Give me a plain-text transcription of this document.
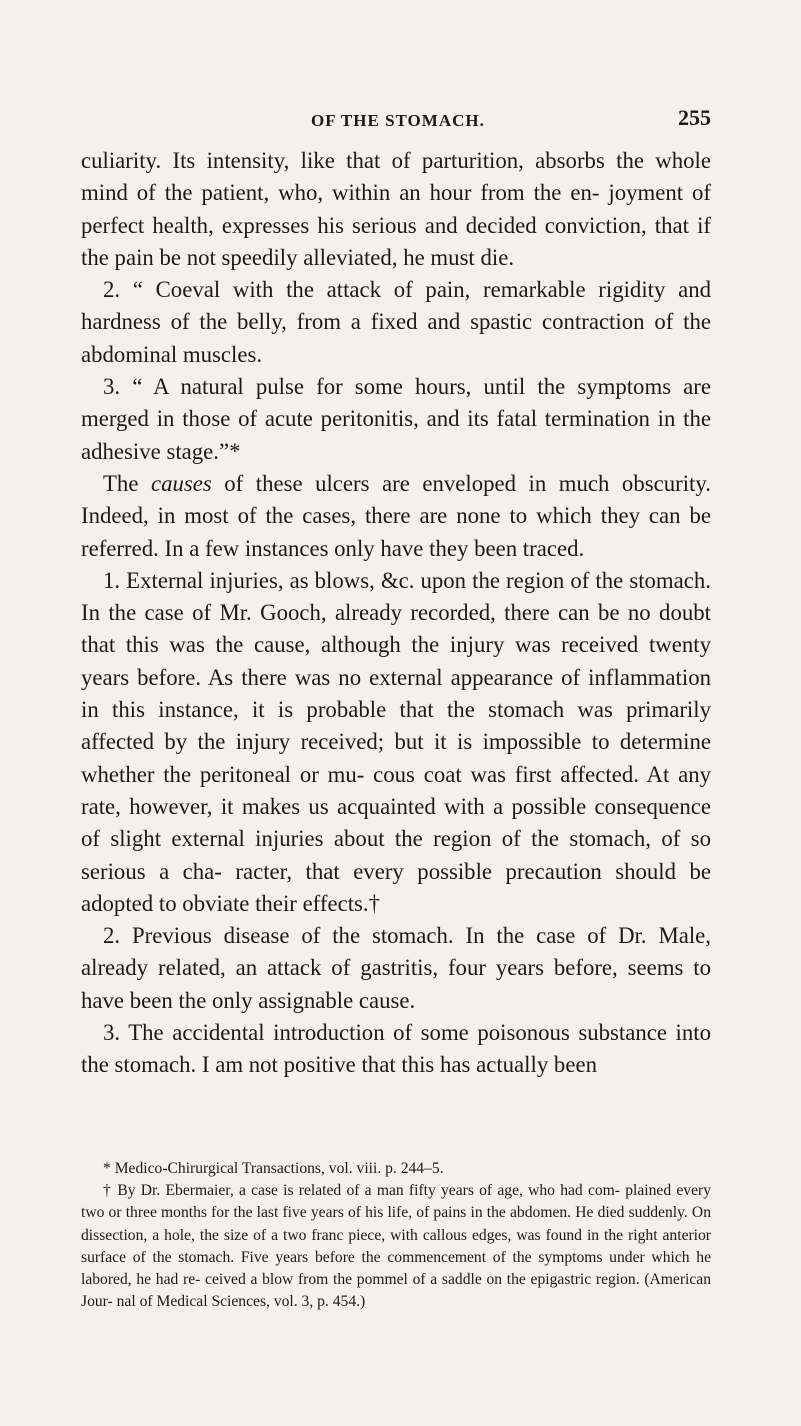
OF THE STOMACH.	255

culiarity. Its intensity, like that of parturition, absorbs the whole mind of the patient, who, within an hour from the en- joyment of perfect health, expresses his serious and decided conviction, that if the pain be not speedily alleviated, he must die.

2. “ Coeval with the attack of pain, remarkable rigidity and hardness of the belly, from a fixed and spastic contraction of the abdominal muscles.

3. “ A natural pulse for some hours, until the symptoms are merged in those of acute peritonitis, and its fatal termination in the adhesive stage.”*

The causes of these ulcers are enveloped in much obscurity. Indeed, in most of the cases, there are none to which they can be referred. In a few instances only have they been traced.

1. External injuries, as blows, &c. upon the region of the stomach. In the case of Mr. Gooch, already recorded, there can be no doubt that this was the cause, although the injury was received twenty years before. As there was no external appearance of inflammation in this instance, it is probable that the stomach was primarily affected by the injury received; but it is impossible to determine whether the peritoneal or mu- cous coat was first affected. At any rate, however, it makes us acquainted with a possible consequence of slight external injuries about the region of the stomach, of so serious a cha- racter, that every possible precaution should be adopted to obviate their effects.†

2. Previous disease of the stomach. In the case of Dr. Male, already related, an attack of gastritis, four years before, seems to have been the only assignable cause.

3. The accidental introduction of some poisonous substance into the stomach. I am not positive that this has actually been

* Medico-Chirurgical Transactions, vol. viii. p. 244–5.

† By Dr. Ebermaier, a case is related of a man fifty years of age, who had com- plained every two or three months for the last five years of his life, of pains in the abdomen. He died suddenly. On dissection, a hole, the size of a two franc piece, with callous edges, was found in the right anterior surface of the stomach. Five years before the commencement of the symptoms under which he labored, he had re- ceived a blow from the pommel of a saddle on the epigastric region. (American Jour- nal of Medical Sciences, vol. 3, p. 454.)
